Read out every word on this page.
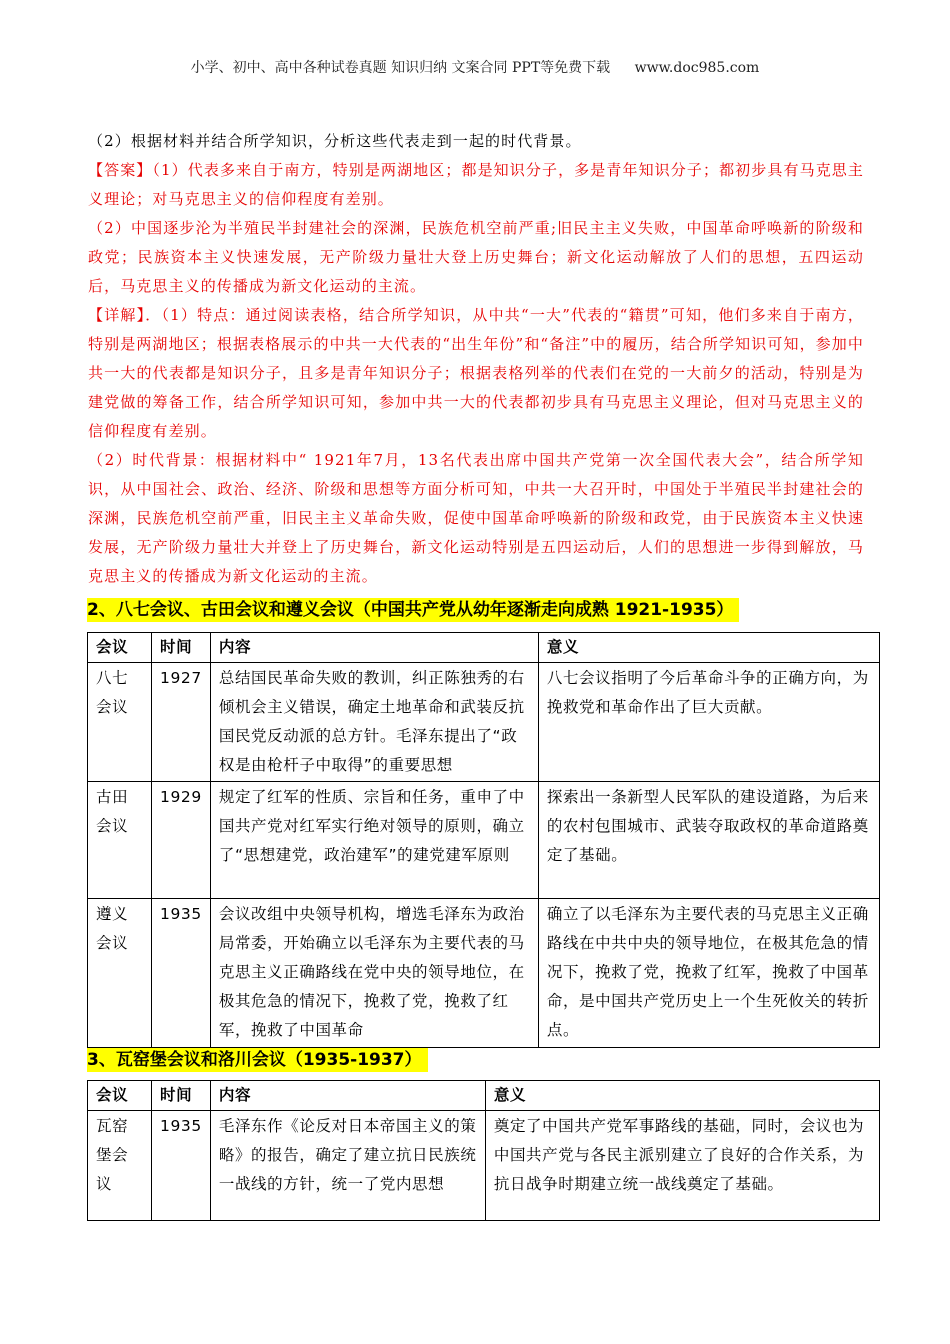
小学、初中、高中各种试卷真题 知识归纳 文案合同 PPT等免费下载 www.doc985.com

（2）根据材料并结合所学知识，分析这些代表走到一起的时代背景。

【答案】（1）代表多来自于南方，特别是两湖地区；都是知识分子，多是青年知识分子；都初步具有马克思主义理论；对马克思主义的信仰程度有差别。

（2）中国逐步沦为半殖民半封建社会的深渊，民族危机空前严重;旧民主主义失败，中国革命呼唤新的阶级和政党；民族资本主义快速发展，无产阶级力量壮大登上历史舞台；新文化运动解放了人们的思想，五四运动后，马克思主义的传播成为新文化运动的主流。

【详解】．（1）特点：通过阅读表格，结合所学知识，从中共“一大”代表的“籍贯”可知，他们多来自于南方，特别是两湖地区；根据表格展示的中共一大代表的“出生年份”和“备注”中的履历，结合所学知识可知，参加中共一大的代表都是知识分子，且多是青年知识分子；根据表格列举的代表们在党的一大前夕的活动，特别是为建党做的筹备工作，结合所学知识可知，参加中共一大的代表都初步具有马克思主义理论，但对马克思主义的信仰程度有差别。

（2）时代背景：根据材料中“ 1921年7月，13名代表出席中国共产党第一次全国代表大会”，结合所学知识，从中国社会、政治、经济、阶级和思想等方面分析可知，中共一大召开时，中国处于半殖民半封建社会的深渊，民族危机空前严重，旧民主主义革命失败，促使中国革命呼唤新的阶级和政党，由于民族资本主义快速发展，无产阶级力量壮大并登上了历史舞台，新文化运动特别是五四运动后，人们的思想进一步得到解放，马克思主义的传播成为新文化运动的主流。

2、八七会议、古田会议和遵义会议（中国共产党从幼年逐渐走向成熟 1921-1935）
会议	时间	内容	意义
八七会议	1927	总结国民革命失败的教训，纠正陈独秀的右倾机会主义错误，确定土地革命和武装反抗国民党反动派的总方针。毛泽东提出了“政权是由枪杆子中取得”的重要思想	八七会议指明了今后革命斗争的正确方向，为挽救党和革命作出了巨大贡献。
古田会议	1929	规定了红军的性质、宗旨和任务，重申了中国共产党对红军实行绝对领导的原则，确立了“思想建党，政治建军”的建党建军原则	探索出一条新型人民军队的建设道路，为后来的农村包围城市、武装夺取政权的革命道路奠定了基础。
遵义会议	1935	会议改组中央领导机构，增选毛泽东为政治局常委，开始确立以毛泽东为主要代表的马克思主义正确路线在党中央的领导地位，在极其危急的情况下，挽救了党，挽救了红军，挽救了中国革命	确立了以毛泽东为主要代表的马克思主义正确路线在中共中央的领导地位，在极其危急的情况下，挽救了党，挽救了红军，挽救了中国革命，是中国共产党历史上一个生死攸关的转折点。
3、瓦窑堡会议和洛川会议（1935-1937）
会议	时间	内容	意义
瓦窑堡会议	1935	毛泽东作《论反对日本帝国主义的策略》的报告，确定了建立抗日民族统一战线的方针，统一了党内思想	奠定了中国共产党军事路线的基础，同时，会议也为中国共产党与各民主派别建立了良好的合作关系，为抗日战争时期建立统一战线奠定了基础。
